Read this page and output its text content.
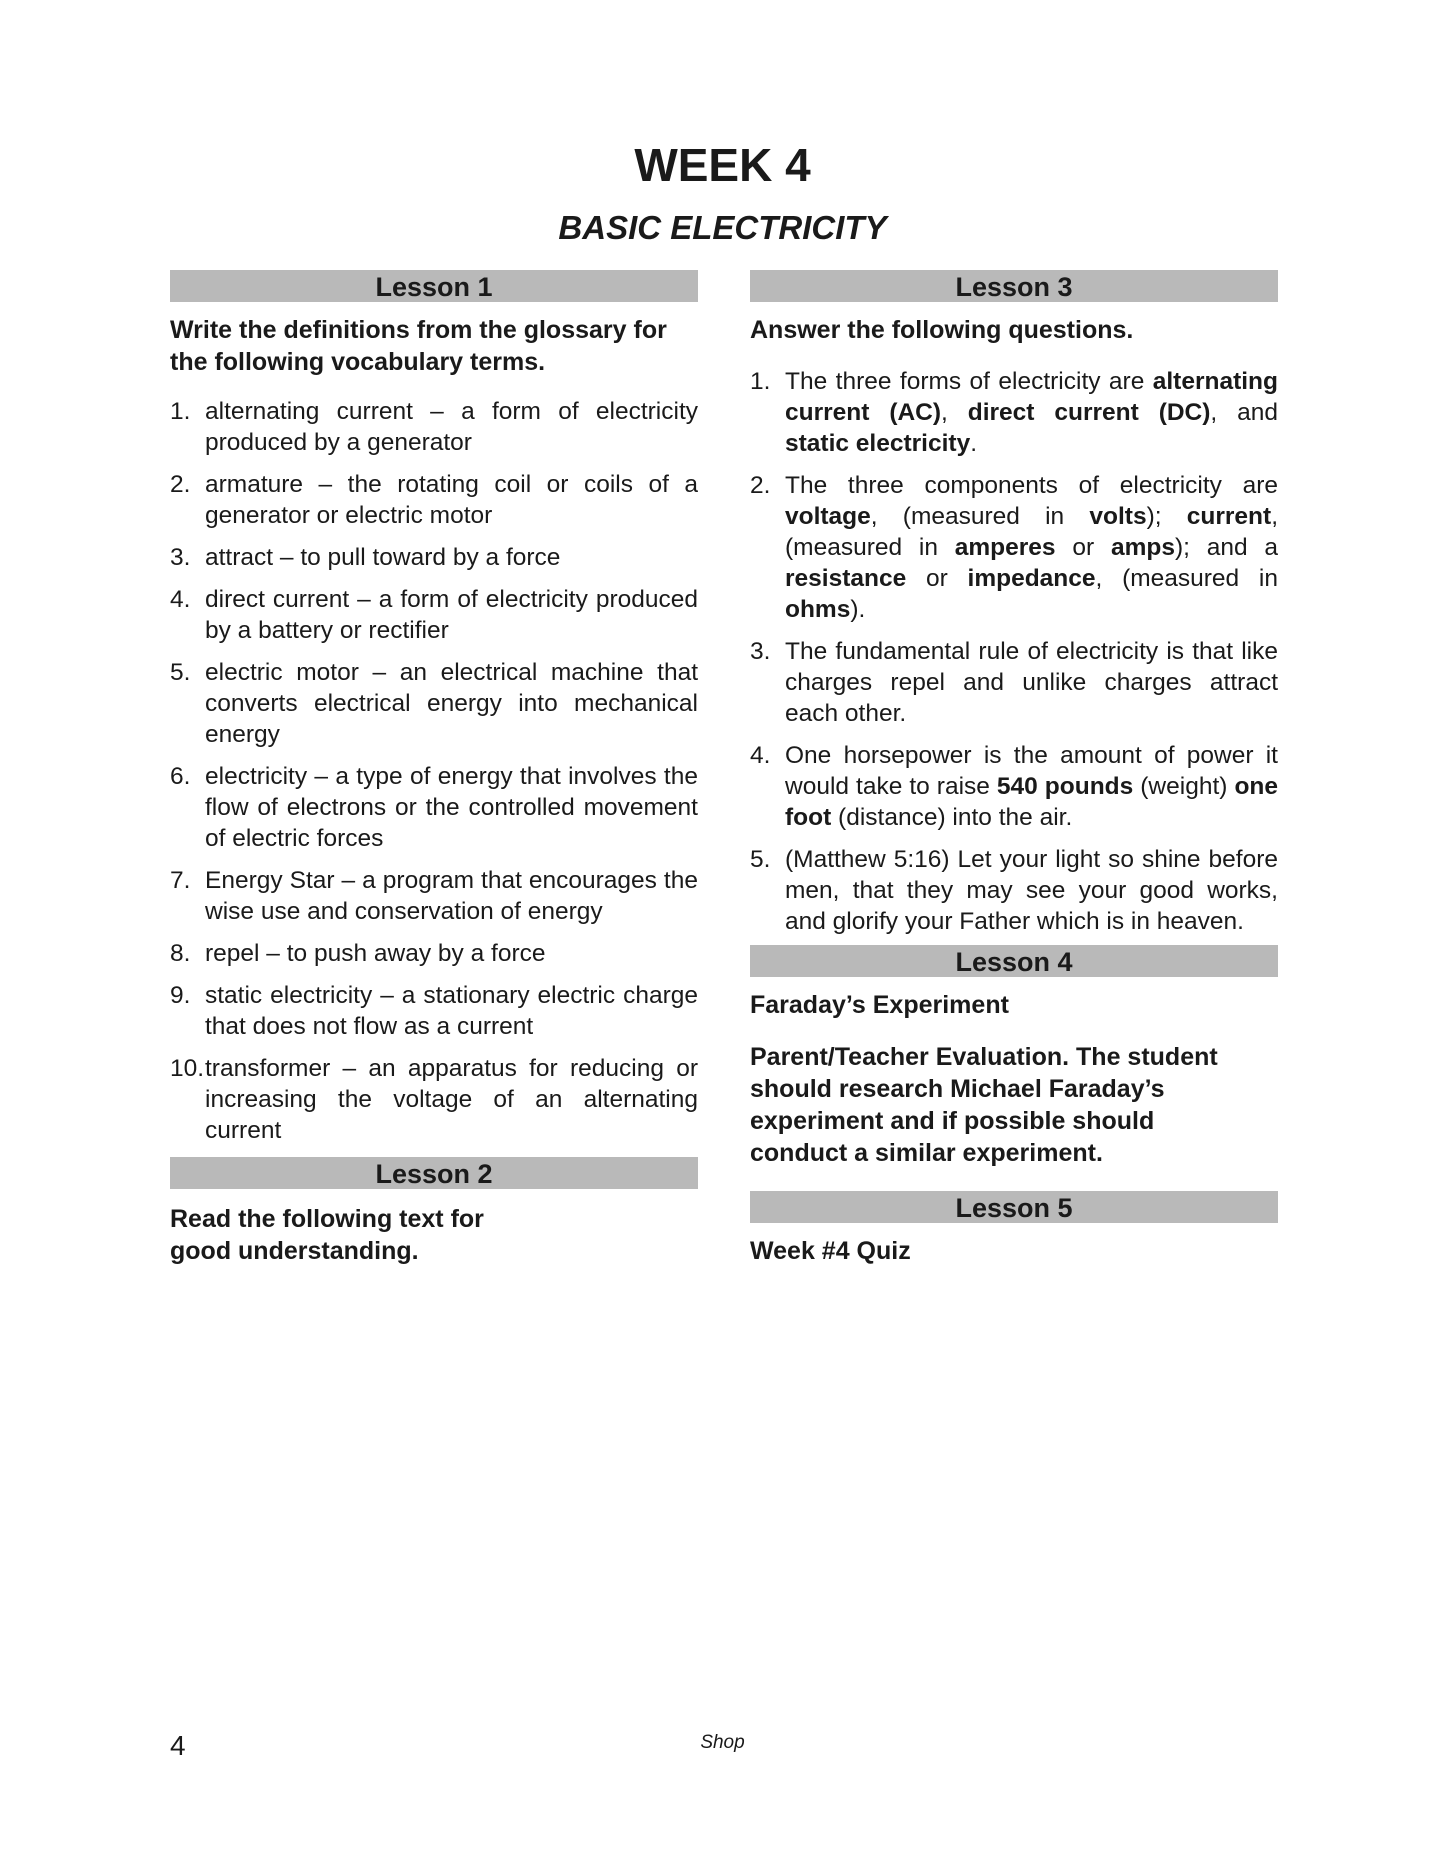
WEEK 4
BASIC ELECTRICITY
Lesson 1

Write the definitions from the glossary for the following vocabulary terms.

1. alternating current – a form of electricity produced by a generator
2. armature – the rotating coil or coils of a generator or electric motor
3. attract – to pull toward by a force
4. direct current – a form of electricity produced by a battery or rectifier
5. electric motor – an electrical machine that converts electrical energy into mechanical energy
6. electricity – a type of energy that involves the flow of electrons or the controlled movement of electric forces
7. Energy Star – a program that encourages the wise use and conservation of energy
8. repel – to push away by a force
9. static electricity – a stationary electric charge that does not flow as a current
10. transformer – an apparatus for reducing or increasing the voltage of an alternating current
Lesson 2

Read the following text for
good understanding.

Lesson 3

Answer the following questions.

1. The three forms of electricity are alternating current (AC), direct current (DC), and static electricity.
2. The three components of electricity are voltage, (measured in volts); current, (measured in amperes or amps); and a resistance or impedance, (measured in ohms).
3. The fundamental rule of electricity is that like charges repel and unlike charges attract each other.
4. One horsepower is the amount of power it would take to raise 540 pounds (weight) one foot (distance) into the air.
5. (Matthew 5:16) Let your light so shine before men, that they may see your good works, and glorify your Father which is in heaven.
Lesson 4

Faraday’s Experiment

Parent/Teacher Evaluation. The student
should research Michael Faraday’s
experiment and if possible should
conduct a similar experiment.

Lesson 5

Week #4 Quiz

4	Shop
